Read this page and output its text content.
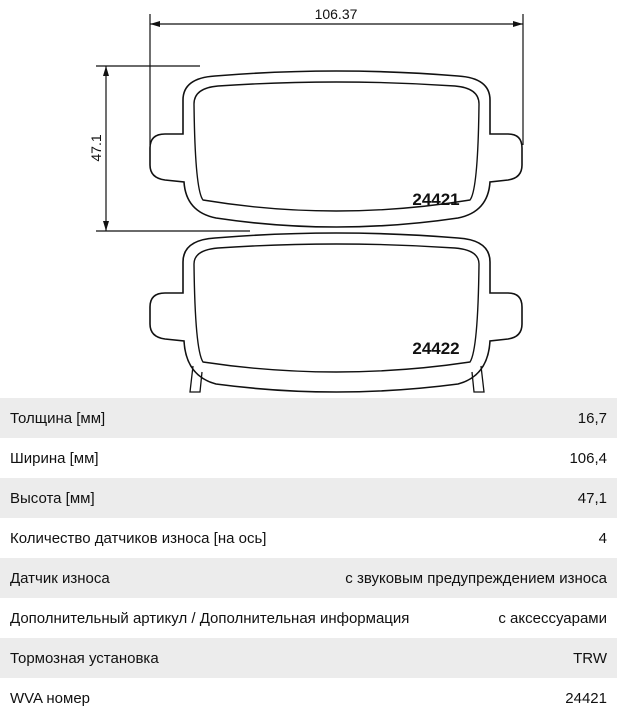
106.37
47.1
24421
24422
Толщина [мм]	16,7
Ширина [мм]	106,4
Высота [мм]	47,1
Количество датчиков износа [на ось]	4
Датчик износа	с звуковым предупреждением износа
Дополнительный артикул / Дополнительная информация	с аксессуарами
Тормозная установка	TRW
WVA номер	24421
